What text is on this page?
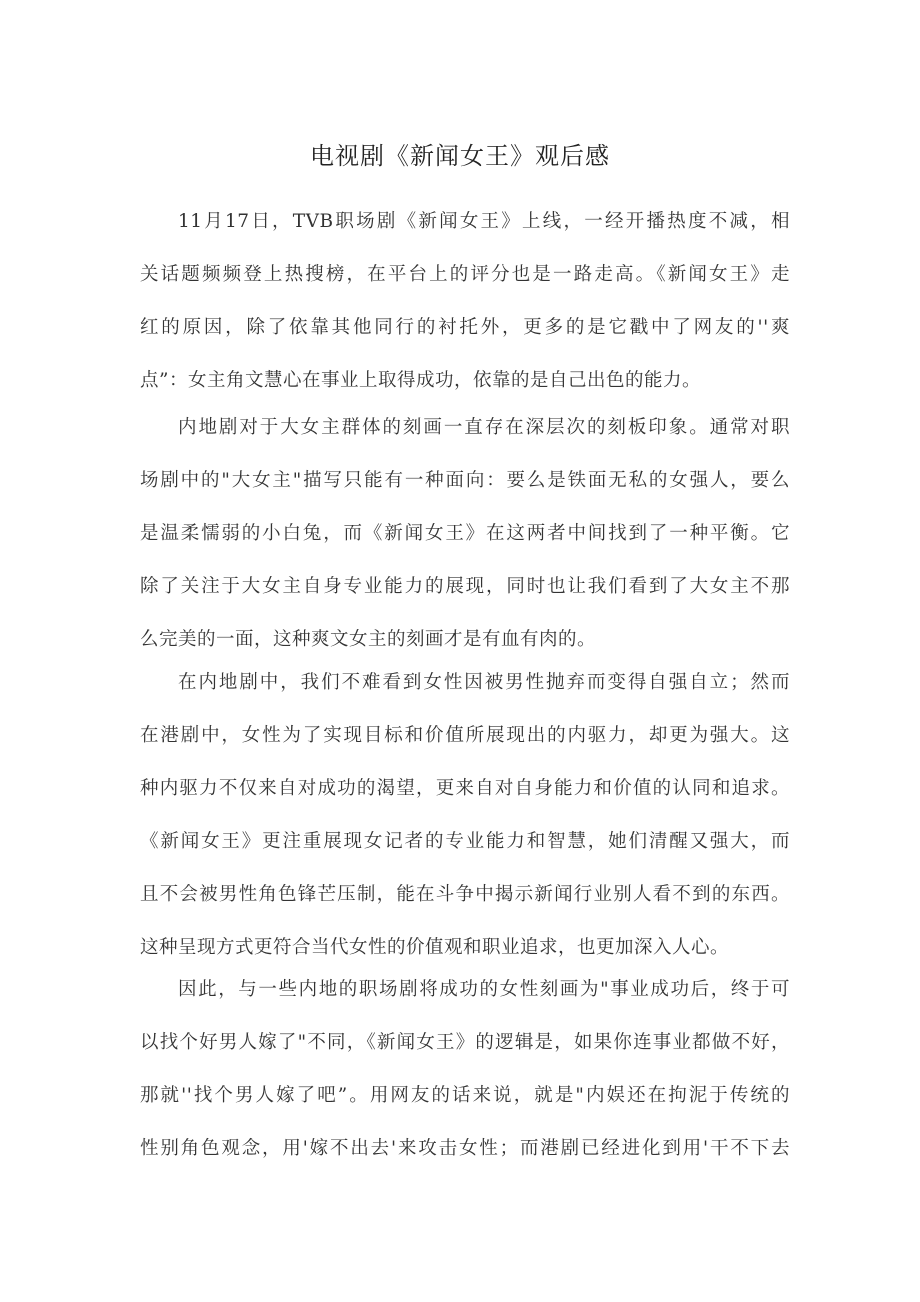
电视剧《新闻女王》观后感
11月17日，TVB职场剧《新闻女王》上线，一经开播热度不减，相
关话题频频登上热搜榜，在平台上的评分也是一路走高。《新闻女王》走
红的原因，除了依靠其他同行的衬托外，更多的是它戳中了网友的''爽
点”：女主角文慧心在事业上取得成功，依靠的是自己出色的能力。
内地剧对于大女主群体的刻画一直存在深层次的刻板印象。通常对职
场剧中的"大女主"描写只能有一种面向：要么是铁面无私的女强人，要么
是温柔懦弱的小白兔，而《新闻女王》在这两者中间找到了一种平衡。它
除了关注于大女主自身专业能力的展现，同时也让我们看到了大女主不那
么完美的一面，这种爽文女主的刻画才是有血有肉的。
在内地剧中，我们不难看到女性因被男性抛弃而变得自强自立；然而
在港剧中，女性为了实现目标和价值所展现出的内驱力，却更为强大。这
种内驱力不仅来自对成功的渴望，更来自对自身能力和价值的认同和追求。
《新闻女王》更注重展现女记者的专业能力和智慧，她们清醒又强大，而
且不会被男性角色锋芒压制，能在斗争中揭示新闻行业别人看不到的东西。
这种呈现方式更符合当代女性的价值观和职业追求，也更加深入人心。
因此，与一些内地的职场剧将成功的女性刻画为"事业成功后，终于可
以找个好男人嫁了"不同，《新闻女王》的逻辑是，如果你连事业都做不好，
那就''找个男人嫁了吧”。用网友的话来说，就是"内娱还在拘泥于传统的
性别角色观念，用'嫁不出去'来攻击女性；而港剧已经进化到用'干不下去
